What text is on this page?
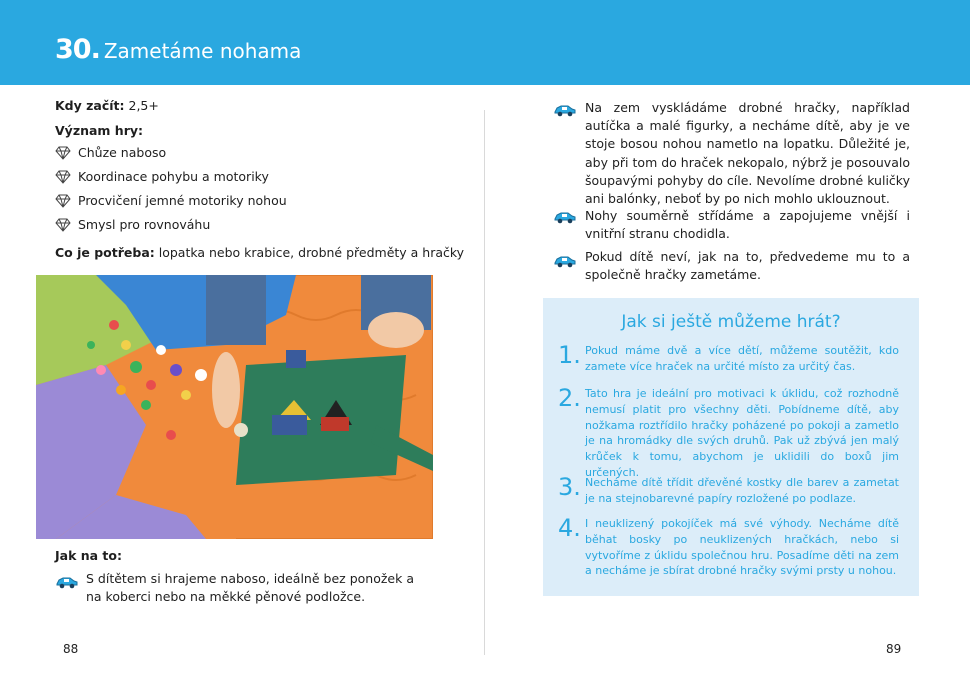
30. Zametáme nohama
Kdy začít: 2,5+
Význam hry:
Chůze naboso
Koordinace pohybu a motoriky
Procvičení jemné motoriky nohou
Smysl pro rovnováhu
Co je potřeba: lopatka nebo krabice, drobné předměty a hračky
Jak na to:
S dítětem si hrajeme naboso, ideálně bez ponožek a na koberci nebo na měkké pěnové podložce.
88
Na zem vyskládáme drobné hračky, například autíčka a malé figurky, a necháme dítě, aby je ve stoje bosou nohou nametlo na lopatku. Důležité je, aby při tom do hraček nekopalo, nýbrž je posouvalo šoupavými pohyby do cíle. Nevolíme drobné kuličky ani balónky, neboť by po nich mohlo uklouznout.
Nohy souměrně střídáme a zapojujeme vnější i vnitřní stranu chodidla.
Pokud dítě neví, jak na to, předvedeme mu to a společně hračky zametáme.
Jak si ještě můžeme hrát?
1. Pokud máme dvě a více dětí, můžeme soutěžit, kdo zamete více hraček na určité místo za určitý čas.
2. Tato hra je ideální pro motivaci k úklidu, což rozhodně nemusí platit pro všechny děti. Pobídneme dítě, aby nožkama roztřídilo hračky poházené po pokoji a zametlo je na hromádky dle svých druhů. Pak už zbývá jen malý krůček k tomu, abychom je uklidili do boxů jim určených.
3. Necháme dítě třídit dřevěné kostky dle barev a zametat je na stejnobarevné papíry rozložené po podlaze.
4. I neuklizený pokojíček má své výhody. Necháme dítě běhat bosky po neuklizených hračkách, nebo si vytvoříme z úklidu společnou hru. Posadíme děti na zem a necháme je sbírat drobné hračky svými prsty u nohou.
89
